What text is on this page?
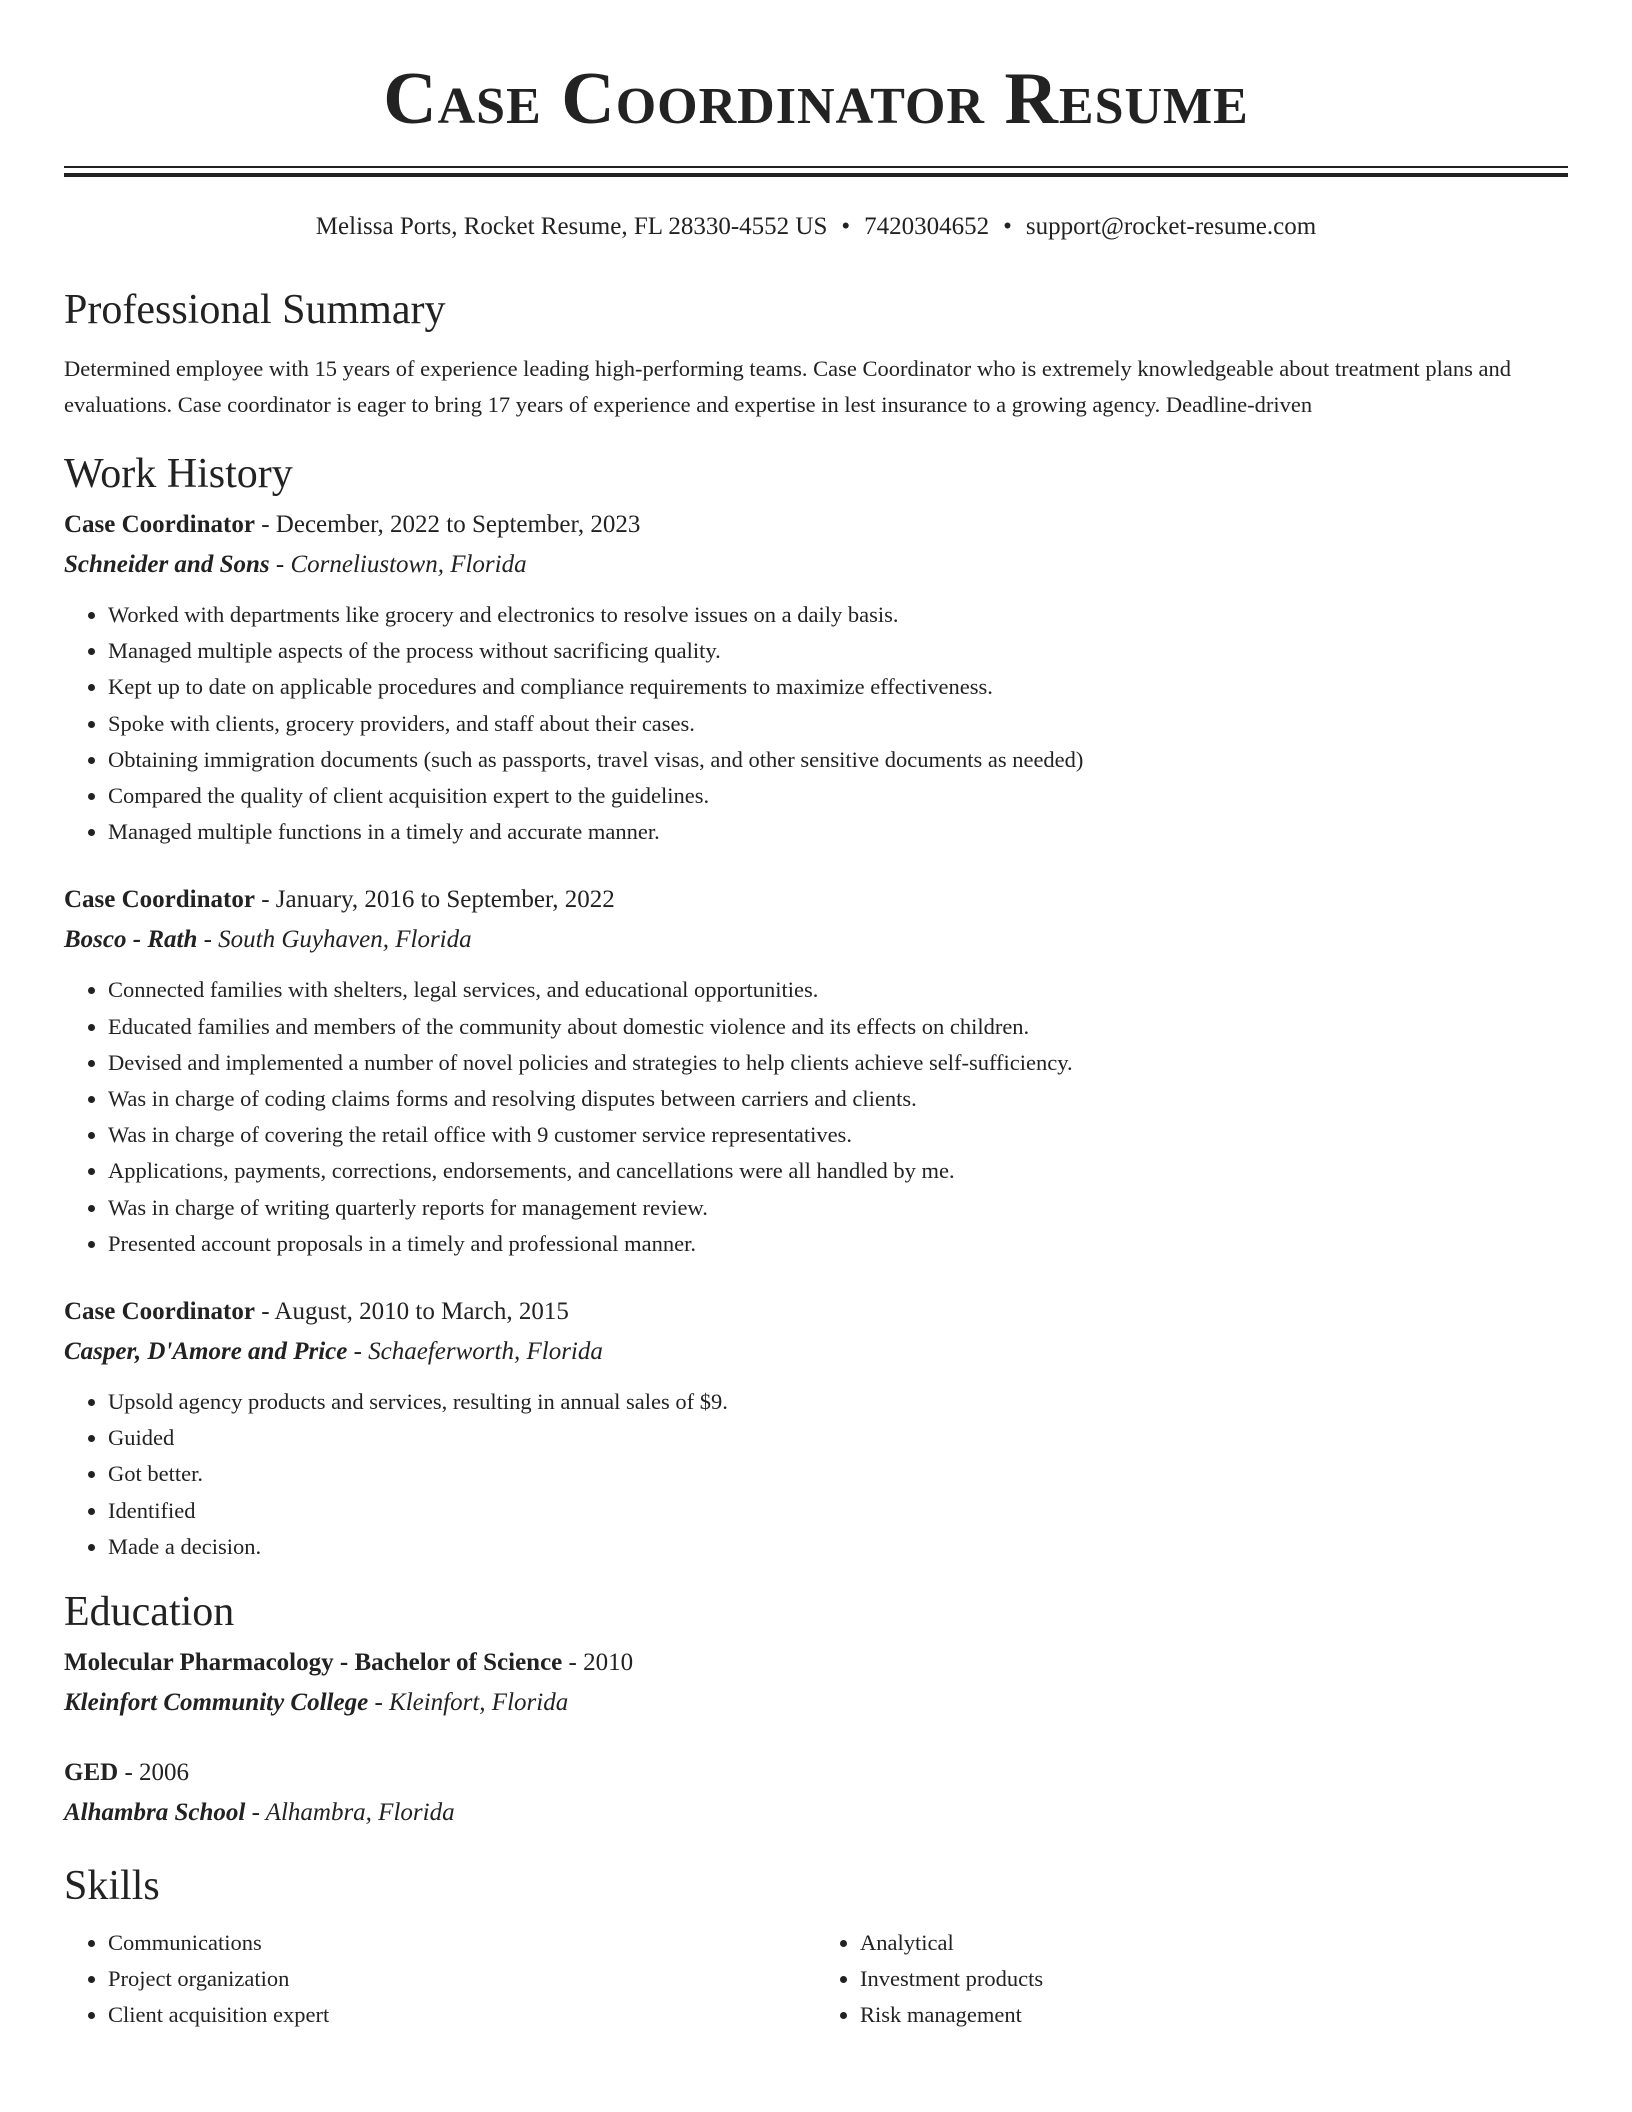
Case Coordinator Resume
Melissa Ports, Rocket Resume, FL 28330-4552 US • 7420304652 • support@rocket-resume.com
Professional Summary
Determined employee with 15 years of experience leading high-performing teams. Case Coordinator who is extremely knowledgeable about treatment plans and evaluations. Case coordinator is eager to bring 17 years of experience and expertise in lest insurance to a growing agency. Deadline-driven
Work History
Case Coordinator - December, 2022 to September, 2023
Schneider and Sons - Corneliustown, Florida
• Worked with departments like grocery and electronics to resolve issues on a daily basis.
• Managed multiple aspects of the process without sacrificing quality.
• Kept up to date on applicable procedures and compliance requirements to maximize effectiveness.
• Spoke with clients, grocery providers, and staff about their cases.
• Obtaining immigration documents (such as passports, travel visas, and other sensitive documents as needed)
• Compared the quality of client acquisition expert to the guidelines.
• Managed multiple functions in a timely and accurate manner.
Case Coordinator - January, 2016 to September, 2022
Bosco - Rath - South Guyhaven, Florida
• Connected families with shelters, legal services, and educational opportunities.
• Educated families and members of the community about domestic violence and its effects on children.
• Devised and implemented a number of novel policies and strategies to help clients achieve self-sufficiency.
• Was in charge of coding claims forms and resolving disputes between carriers and clients.
• Was in charge of covering the retail office with 9 customer service representatives.
• Applications, payments, corrections, endorsements, and cancellations were all handled by me.
• Was in charge of writing quarterly reports for management review.
• Presented account proposals in a timely and professional manner.
Case Coordinator - August, 2010 to March, 2015
Casper, D'Amore and Price - Schaeferworth, Florida
• Upsold agency products and services, resulting in annual sales of $9.
• Guided
• Got better.
• Identified
• Made a decision.
Education
Molecular Pharmacology - Bachelor of Science - 2010
Kleinfort Community College - Kleinfort, Florida
GED - 2006
Alhambra School - Alhambra, Florida
Skills
• Communications
• Project organization
• Client acquisition expert
• Analytical
• Investment products
• Risk management
